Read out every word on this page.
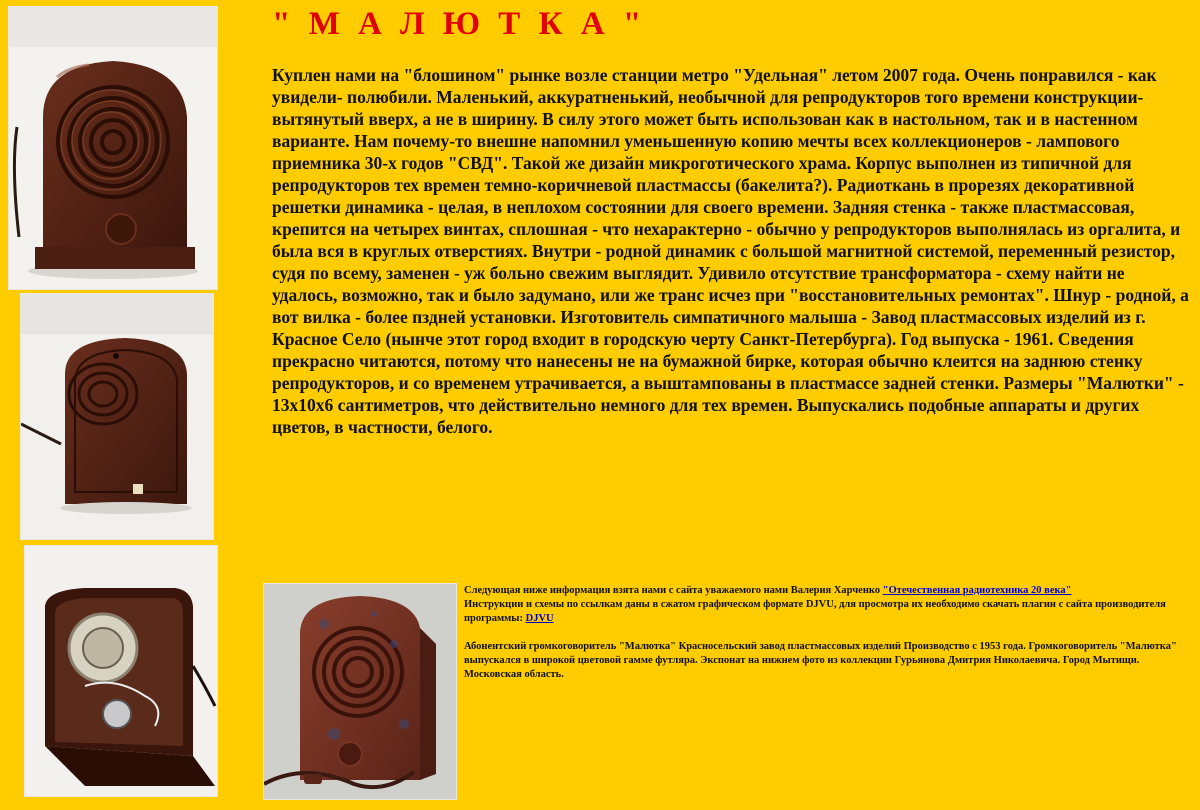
" М А Л Ю Т К А "

Куплен нами на "блошином" рынке возле станции метро "Удельная" летом 2007 года. Очень понравился - как увидели- полюбили. Маленький, аккуратненький, необычной для репродукторов того времени конструкции- вытянутый вверх, а не в ширину. В силу этого может быть использован как в настольном, так и в настенном варианте. Нам почему-то внешне напомнил уменьшенную копию мечты всех коллекционеров - лампового приемника 30-х годов "СВД". Такой же дизайн микроготического храма. Корпус выполнен из типичной для репродукторов тех времен темно-коричневой пластмассы (бакелита?). Радиоткань в прорезях декоративной решетки динамика - целая, в неплохом состоянии для своего времени. Задняя стенка - также пластмассовая, крепится на четырех винтах, сплошная - что нехарактерно - обычно у репродукторов выполнялась из оргалита, и была вся в круглых отверстиях. Внутри - родной динамик с большой магнитной системой, переменный резистор, судя по всему, заменен - уж больно свежим выглядит. Удивило отсутствие трансформатора - схему найти не удалось, возможно, так и было задумано, или же транс исчез при "восстановительных ремонтах". Шнур - родной, а вот вилка - более пздней установки. Изготовитель симпатичного малыша - Завод пластмассовых изделий из г. Красное Село (нынче этот город входит в городскую черту Санкт-Петербурга). Год выпуска - 1961. Сведения прекрасно читаются, потому что нанесены не на бумажной бирке, которая обычно клеится на заднюю стенку репродукторов, и со временем утрачивается, а выштампованы в пластмассе задней стенки. Размеры "Малютки" - 13х10х6 сантиметров, что действительно немного для тех времен. Выпускались подобные аппараты и других цветов, в частности, белого.

Следующая ниже информация взята нами с сайта уважаемого нами Валерия Харченко "Отечественная радиотехника 20 века"
Инструкции и схемы по ссылкам даны в сжатом графическом формате DJVU, для просмотра их необходимо скачать плагин с сайта производителя программы: DJVU

Абонентский громкоговоритель "Малютка" Красносельский завод пластмассовых изделий Производство с 1953 года. Громкоговоритель "Малютка" выпускался в широкой цветовой гамме футляра. Экспонат на нижнем фото из коллекции Гурьянова Дмитрия Николаевича. Город Мытищи. Московская область.
